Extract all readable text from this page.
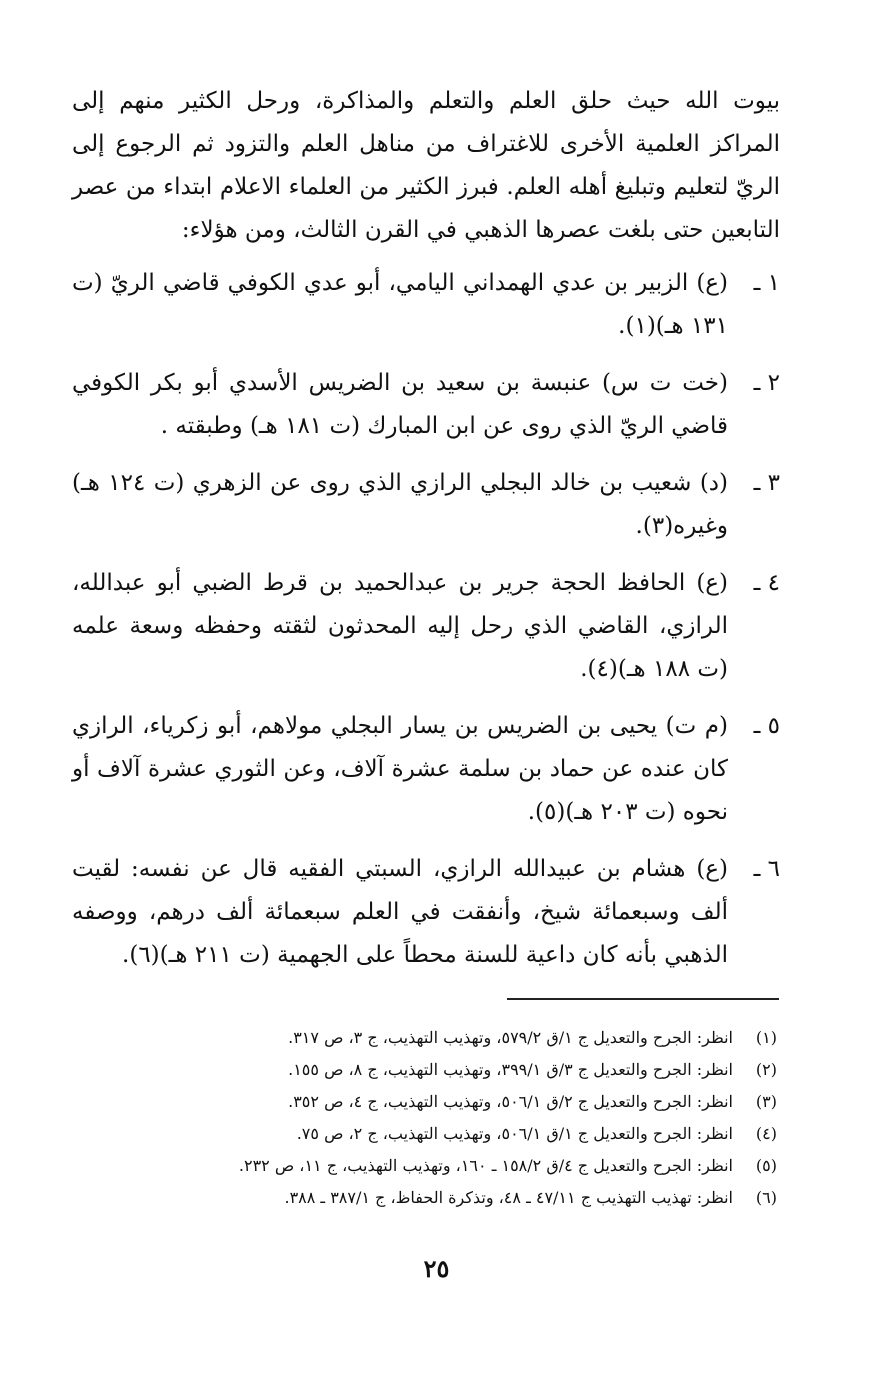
بيوت الله حيث حلق العلم والتعلم والمذاكرة، ورحل الكثير منهم إلى المراكز العلمية الأخرى للاغتراف من مناهل العلم والتزود ثم الرجوع إلى الريّ لتعليم وتبليغ أهله العلم. فبرز الكثير من العلماء الاعلام ابتداء من عصر التابعين حتى بلغت عصرها الذهبي في القرن الثالث، ومن هؤلاء:

١ ـ
(ع) الزبير بن عدي الهمداني اليامي، أبو عدي الكوفي قاضي الريّ (ت ١٣١ هـ)(١).
٢ ـ
(خت ت س) عنبسة بن سعيد بن الضريس الأسدي أبو بكر الكوفي قاضي الريّ الذي روى عن ابن المبارك (ت ١٨١ هـ) وطبقته .
٣ ـ
(د) شعيب بن خالد البجلي الرازي الذي روى عن الزهري (ت ١٢٤ هـ) وغيره(٣).
٤ ـ
(ع) الحافظ الحجة جرير بن عبدالحميد بن قرط الضبي أبو عبدالله، الرازي، القاضي الذي رحل إليه المحدثون لثقته وحفظه وسعة علمه (ت ١٨٨ هـ)(٤).
٥ ـ
(م ت) يحيى بن الضريس بن يسار البجلي مولاهم، أبو زكرياء، الرازي كان عنده عن حماد بن سلمة عشرة آلاف، وعن الثوري عشرة آلاف أو نحوه (ت ٢٠٣ هـ)(٥).
٦ ـ
(ع) هشام بن عبيدالله الرازي، السبتي الفقيه قال عن نفسه: لقيت ألف وسبعمائة شيخ، وأنفقت في العلم سبعمائة ألف درهم، ووصفه الذهبي بأنه كان داعية للسنة محطاً على الجهمية (ت ٢١١ هـ)(٦).
(١)
انظر: الجرح والتعديل ج ١/ق ٥٧٩/٢، وتهذيب التهذيب، ج ٣، ص ٣١٧.
(٢)
انظر: الجرح والتعديل ج ٣/ق ٣٩٩/١، وتهذيب التهذيب، ج ٨، ص ١٥٥.
(٣)
انظر: الجرح والتعديل ج ٢/ق ٥٠٦/١، وتهذيب التهذيب، ج ٤، ص ٣٥٢.
(٤)
انظر: الجرح والتعديل ج ١/ق ٥٠٦/١، وتهذيب التهذيب، ج ٢، ص ٧٥.
(٥)
انظر: الجرح والتعديل ج ٤/ق ١٥٨/٢ ـ ١٦٠، وتهذيب التهذيب، ج ١١، ص ٢٣٢.
(٦)
انظر: تهذيب التهذيب ج ٤٧/١١ ـ ٤٨، وتذكرة الحفاظ، ج ٣٨٧/١ ـ ٣٨٨.
٢٥
